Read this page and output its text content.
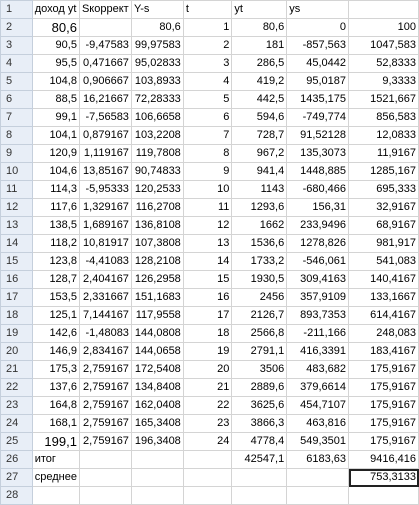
1	доход yt	Sкоррект	Y-s	t	yt	ys	
2	80,6		80,6	1	80,6	0	100
3	90,5	-9,47583	99,97583	2	181	-857,563	1047,583
4	95,5	0,471667	95,02833	3	286,5	45,0442	52,8333
5	104,8	0,906667	103,8933	4	419,2	95,0187	9,3333
6	88,5	16,21667	72,28333	5	442,5	1435,175	1521,667
7	99,1	-7,56583	106,6658	6	594,6	-749,774	856,583
8	104,1	0,879167	103,2208	7	728,7	91,52128	12,0833
9	120,9	1,119167	119,7808	8	967,2	135,3073	11,9167
10	104,6	13,85167	90,74833	9	941,4	1448,885	1285,167
11	114,3	-5,95333	120,2533	10	1143	-680,466	695,333
12	117,6	1,329167	116,2708	11	1293,6	156,31	32,9167
13	138,5	1,689167	136,8108	12	1662	233,9496	68,9167
14	118,2	10,81917	107,3808	13	1536,6	1278,826	981,917
15	123,8	-4,41083	128,2108	14	1733,2	-546,061	541,083
16	128,7	2,404167	126,2958	15	1930,5	309,4163	140,4167
17	153,5	2,331667	151,1683	16	2456	357,9109	133,1667
18	125,1	7,144167	117,9558	17	2126,7	893,7353	614,4167
19	142,6	-1,48083	144,0808	18	2566,8	-211,166	248,083
20	146,9	2,834167	144,0658	19	2791,1	416,3391	183,4167
21	175,3	2,759167	172,5408	20	3506	483,682	175,9167
22	137,6	2,759167	134,8408	21	2889,6	379,6614	175,9167
23	164,8	2,759167	162,0408	22	3625,6	454,7107	175,9167
24	168,1	2,759167	165,3408	23	3866,3	463,816	175,9167
25	199,1	2,759167	196,3408	24	4778,4	549,3501	175,9167
26	итог				42547,1	6183,63	9416,416
27	среднее						753,3133
28							
